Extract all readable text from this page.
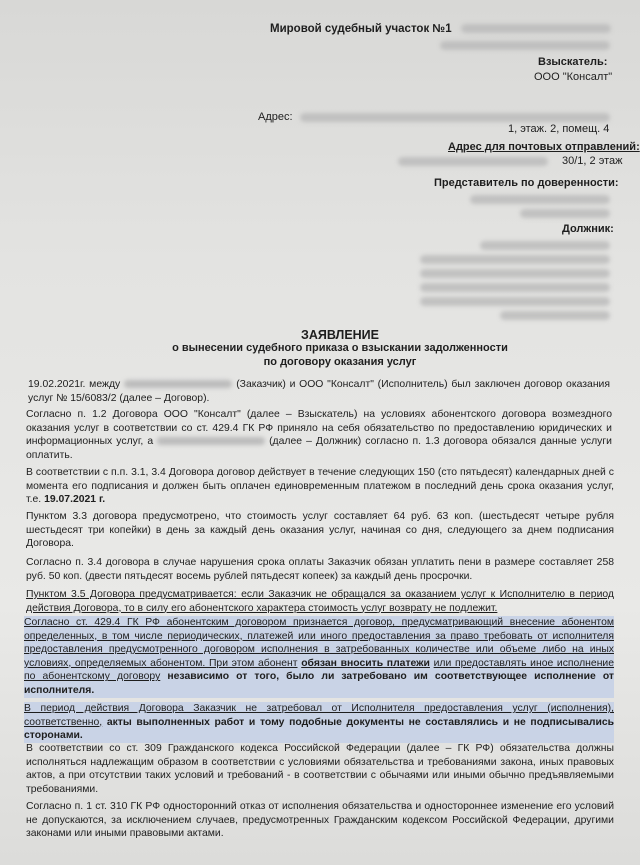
Мировой судебный участок №1
Взыскатель:
ООО "Консалт"
Адрес:
1, этаж. 2, помещ. 4
Адрес для почтовых отправлений:
30/1, 2 этаж
Представитель по доверенности:
Должник:
ЗАЯВЛЕНИЕ
о вынесении судебного приказа о взыскании задолженности
по договору оказания услуг

19.02.2021г. между	(Заказчик) и ООО "Консалт" (Исполнитель) был заключен договор оказания услуг № 15/6083/2 (далее – Договор).

Согласно п. 1.2 Договора ООО "Консалт" (далее – Взыскатель) на условиях абонентского договора возмездного оказания услуг в соответствии со ст. 429.4 ГК РФ приняло на себя обязательство по предоставлению юридических и информационных услуг, а	(далее – Должник) согласно п. 1.3 договора обязался данные услуги оплатить.

В соответствии с п.п. 3.1, 3.4 Договора договор действует в течение следующих 150 (сто пятьдесят) календарных дней с момента его подписания и должен быть оплачен единовременным платежом в последний день срока оказания услуг, т.е. 19.07.2021 г.

Пунктом 3.3 договора предусмотрено, что стоимость услуг составляет 64 руб. 63 коп. (шестьдесят четыре рубля шестьдесят три копейки) в день за каждый день оказания услуг, начиная со дня, следующего за днем подписания Договора.

Согласно п. 3.4 договора в случае нарушения срока оплаты Заказчик обязан уплатить пени в размере составляет 258 руб. 50 коп. (двести пятьдесят восемь рублей пятьдесят копеек) за каждый день просрочки.

Пунктом 3.5 Договора предусматривается: если Заказчик не обращался за оказанием услуг к Исполнителю в период действия Договора, то в силу его абонентского характера стоимость услуг возврату не подлежит.

Согласно ст. 429.4 ГК РФ абонентским договором признается договор, предусматривающий внесение абонентом определенных, в том числе периодических, платежей или иного предоставления за право требовать от исполнителя предоставления предусмотренного договором исполнения в затребованных количестве или объеме либо на иных условиях, определяемых абонентом. При этом абонент обязан вносить платежи или предоставлять иное исполнение по абонентскому договору независимо от того, было ли затребовано им соответствующее исполнение от исполнителя.

В период действия Договора Заказчик не затребовал от Исполнителя предоставления услуг (исполнения), соответственно, акты выполненных работ и тому подобные документы не составлялись и не подписывались сторонами.

В соответствии со ст. 309 Гражданского кодекса Российской Федерации (далее – ГК РФ) обязательства должны исполняться надлежащим образом в соответствии с условиями обязательства и требованиями закона, иных правовых актов, а при отсутствии таких условий и требований - в соответствии с обычаями или иными обычно предъявляемыми требованиями.

Согласно п. 1 ст. 310 ГК РФ односторонний отказ от исполнения обязательства и одностороннее изменение его условий не допускаются, за исключением случаев, предусмотренных Гражданским кодексом Российской Федерации, другими законами или иными правовыми актами.
